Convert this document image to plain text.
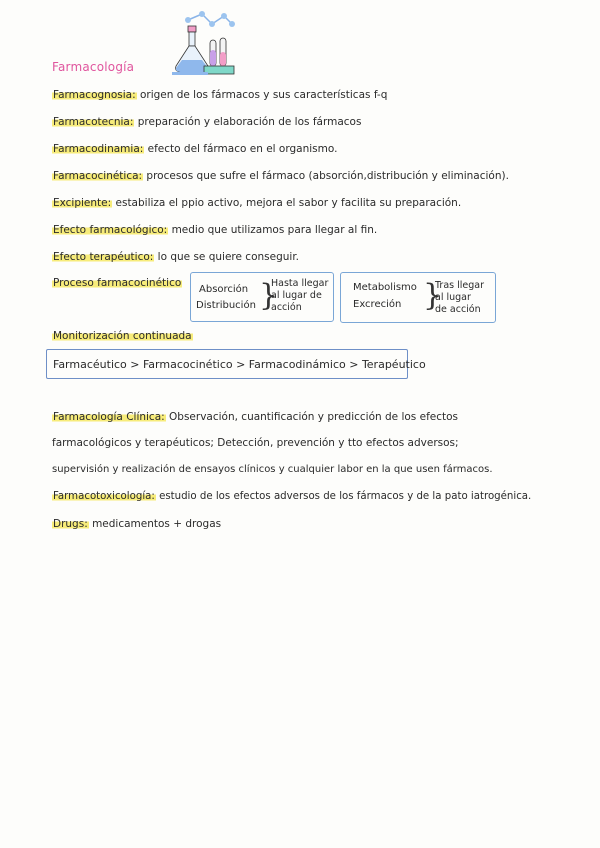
Farmacología
Farmacognosia: origen de los fármacos y sus características f-q
Farmacotecnia: preparación y elaboración de los fármacos
Farmacodinamia: efecto del fármaco en el organismo.
Farmacocinética: procesos que sufre el fármaco (absorción,distribución y eliminación).
Excipiente: estabiliza el ppio activo, mejora el sabor y facilita su preparación.
Efecto farmacológico: medio que utilizamos para llegar al fin.
Efecto terapéutico: lo que se quiere conseguir.
Proceso farmacocinético
Absorción
Distribución }
Hasta llegar
al lugar de
acción
Metabolismo
Excreción }
Tras llegar
al lugar
de acción
Monitorización continuada
Farmacéutico > Farmacocinético > Farmacodinámico > Terapéutico
Farmacología Clínica: Observación, cuantificación y predicción de los efectos
farmacológicos y terapéuticos; Detección, prevención y tto efectos adversos;
supervisión y realización de ensayos clínicos y cualquier labor en la que usen fármacos.
Farmacotoxicología: estudio de los efectos adversos de los fármacos y de la pato iatrogénica.
Drugs: medicamentos + drogas
